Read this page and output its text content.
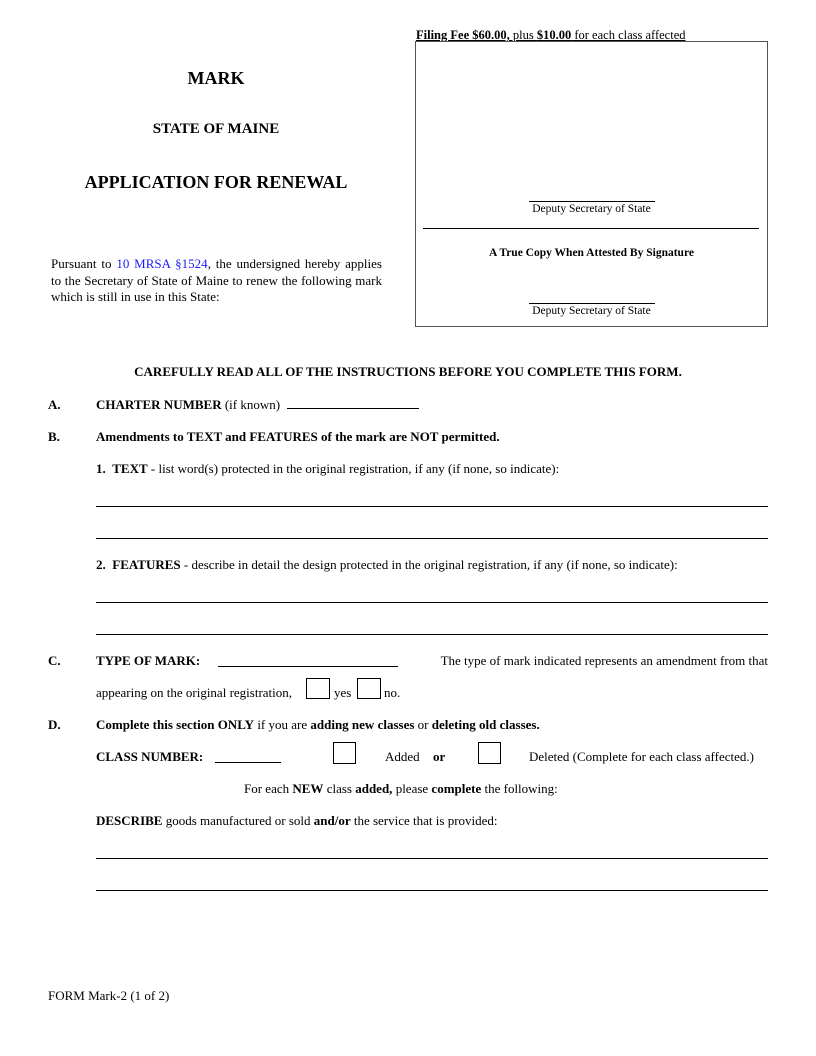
MARK
STATE OF MAINE
APPLICATION FOR RENEWAL
Pursuant to 10 MRSA §1524, the undersigned hereby applies to the Secretary of State of Maine to renew the following mark which is still in use in this State:
Filing Fee $60.00, plus $10.00 for each class affected
Deputy Secretary of State
A True Copy When Attested By Signature
Deputy Secretary of State
CAREFULLY READ ALL OF THE INSTRUCTIONS BEFORE YOU COMPLETE THIS FORM.
A.	CHARTER NUMBER (if known)
B.	Amendments to TEXT and FEATURES of the mark are NOT permitted.
1. TEXT - list word(s) protected in the original registration, if any (if none, so indicate):
2. FEATURES - describe in detail the design protected in the original registration, if any (if none, so indicate):
C.	TYPE OF MARK:	The type of mark indicated represents an amendment from that
appearing on the original registration,	yes	no.
D.	Complete this section ONLY if you are adding new classes or deleting old classes.
CLASS NUMBER:	Added or	Deleted (Complete for each class affected.)
For each NEW class added, please complete the following:
DESCRIBE goods manufactured or sold and/or the service that is provided:
FORM Mark-2 (1 of 2)
